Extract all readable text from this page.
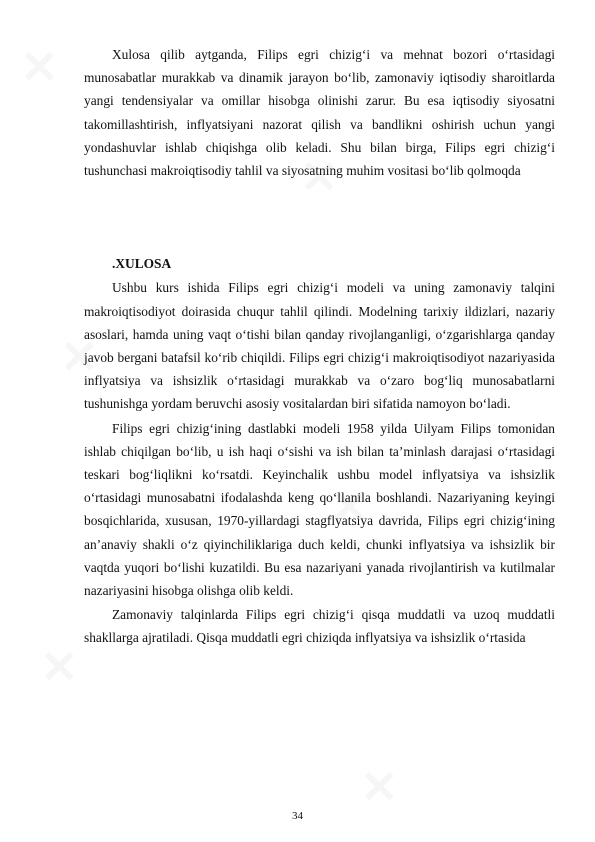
Xulosa qilib aytganda, Filips egri chizig‘i va mehnat bozori o‘rtasidagi munosabatlar murakkab va dinamik jarayon bo‘lib, zamonaviy iqtisodiy sharoitlarda yangi tendensiyalar va omillar hisobga olinishi zarur. Bu esa iqtisodiy siyosatni takomillashtirish, inflyatsiyani nazorat qilish va bandlikni oshirish uchun yangi yondashuvlar ishlab chiqishga olib keladi. Shu bilan birga, Filips egri chizig‘i tushunchasi makroiqtisodiy tahlil va siyosatning muhim vositasi bo‘lib qolmoqda

.XULOSA

Ushbu kurs ishida Filips egri chizig‘i modeli va uning zamonaviy talqini makroiqtisodiyot doirasida chuqur tahlil qilindi. Modelning tarixiy ildizlari, nazariy asoslari, hamda uning vaqt o‘tishi bilan qanday rivojlanganligi, o‘zgarishlarga qanday javob bergani batafsil ko‘rib chiqildi. Filips egri chizig‘i makroiqtisodiyot nazariyasida inflyatsiya va ishsizlik o‘rtasidagi murakkab va o‘zaro bog‘liq munosabatlarni tushunishga yordam beruvchi asosiy vositalardan biri sifatida namoyon bo‘ladi.

Filips egri chizig‘ining dastlabki modeli 1958 yilda Uilyam Filips tomonidan ishlab chiqilgan bo‘lib, u ish haqi o‘sishi va ish bilan ta’minlash darajasi o‘rtasidagi teskari bog‘liqlikni ko‘rsatdi. Keyinchalik ushbu model inflyatsiya va ishsizlik o‘rtasidagi munosabatni ifodalashda keng qo‘llanila boshlandi. Nazariyaning keyingi bosqichlarida, xususan, 1970-yillardagi stagflyatsiya davrida, Filips egri chizig‘ining an’anaviy shakli o‘z qiyinchiliklariga duch keldi, chunki inflyatsiya va ishsizlik bir vaqtda yuqori bo‘lishi kuzatildi. Bu esa nazariyani yanada rivojlantirish va kutilmalar nazariyasini hisobga olishga olib keldi.

Zamonaviy talqinlarda Filips egri chizig‘i qisqa muddatli va uzoq muddatli shakllarga ajratiladi. Qisqa muddatli egri chiziqda inflyatsiya va ishsizlik o‘rtasida

34
